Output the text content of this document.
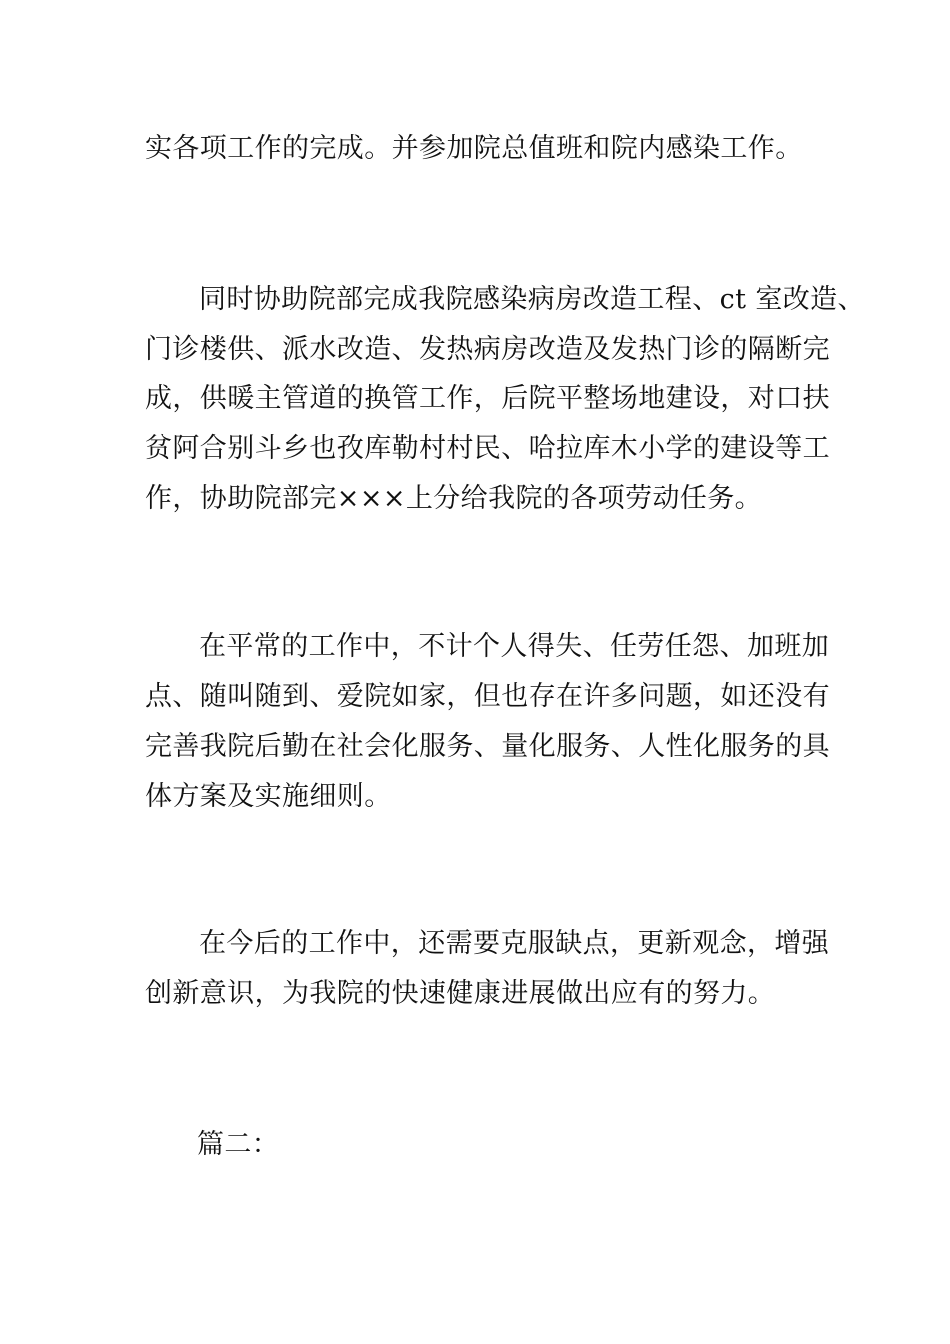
实各项工作的完成。并参加院总值班和院内感染工作。
同时协助院部完成我院感染病房改造工程、ct 室改造、
门诊楼供、派水改造、发热病房改造及发热门诊的隔断完
成，供暖主管道的换管工作，后院平整场地建设，对口扶
贫阿合别斗乡也孜库勒村村民、哈拉库木小学的建设等工
作，协助院部完×××上分给我院的各项劳动任务。
在平常的工作中，不计个人得失、任劳任怨、加班加
点、随叫随到、爱院如家，但也存在许多问题，如还没有
完善我院后勤在社会化服务、量化服务、人性化服务的具
体方案及实施细则。
在今后的工作中，还需要克服缺点，更新观念，增强
创新意识，为我院的快速健康进展做出应有的努力。
篇二：
